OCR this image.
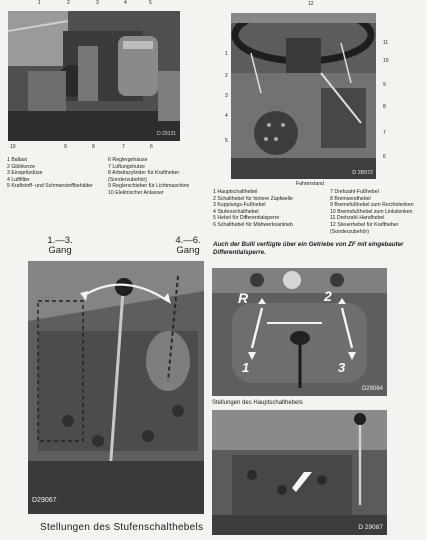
1	2	3	4	5
D 29131
10	9	8	7	6
1 Ballast
2 Glühkerze
3 Einspritzdüse
4 Luftfilter
5 Kraftstoff- und Schmierstoffbehälter
6 Reglergehäuse
7 Lüftungshutze
8 Arbeitszylinder für Kraftheber (Sonderzubehör)
9 Reglerschieber für Lichtmaschine
10 Elektrischer Anlasser
12
1
2
3
4
5
D 28972
11
10
9
8
7
6
Fahrerstand
1 Hauptschalthebel
2 Schalthebel für hintere Zapfwelle
3 Kupplungs-Fußhebel
4 Stufenschalthebel
5 Hebel für Differentialsperre
6 Schalthebel für Mähwerksantrieb
7 Drehzahl-Fußhebel
8 Bremsendhebel
9 Bremsfußhebel zum Rechtslenken
10 Bremsfußhebel zum Linkslenken
11 Drehzahl-Handhebel
12 Steuerhebel für Kraftheber (Sonderzubehör)
Auch der Bulli verfügte über ein Getriebe von ZF mit eingebauter Differentialsperre.
1.—3.
Gang
4.—6.
Gang
D29067
Stellungen des Stufenschalthebels
R	2
1	3
D29064
Stellungen des Hauptschalthebels
D 29087
